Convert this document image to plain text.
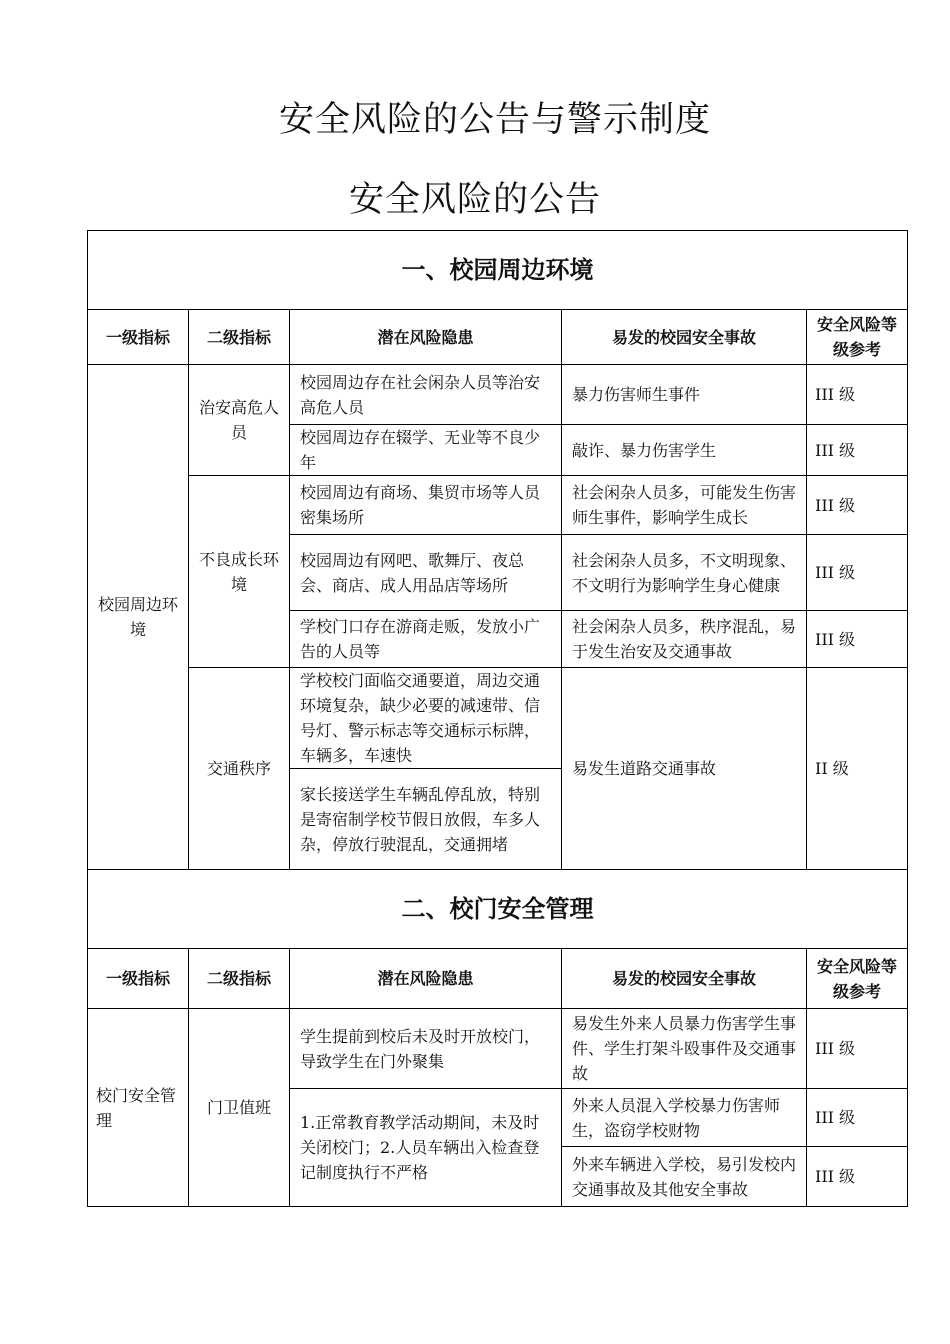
安全风险的公告与警示制度
安全风险的公告
一、校园周边环境				
一级指标	二级指标	潜在风险隐患	易发的校园安全事故	安全风险等级参考
校园周边环境	治安高危人员	校园周边存在社会闲杂人员等治安高危人员	暴力伤害师生事件	III 级
		校园周边存在辍学、无业等不良少年	敲诈、暴力伤害学生	III 级
	不良成长环境	校园周边有商场、集贸市场等人员密集场所	社会闲杂人员多，可能发生伤害师生事件，影响学生成长	III 级
		校园周边有网吧、歌舞厅、夜总会、商店、成人用品店等场所	社会闲杂人员多，不文明现象、不文明行为影响学生身心健康	III 级
		学校门口存在游商走贩，发放小广告的人员等	社会闲杂人员多，秩序混乱，易于发生治安及交通事故	III 级
	交通秩序	学校校门面临交通要道，周边交通环境复杂，缺少必要的减速带、信号灯、警示标志等交通标示标牌，车辆多，车速快	易发生道路交通事故	II 级
		家长接送学生车辆乱停乱放，特别是寄宿制学校节假日放假，车多人杂，停放行驶混乱，交通拥堵		
二、校门安全管理				
一级指标	二级指标	潜在风险隐患	易发的校园安全事故	安全风险等级参考
校门安全管理	门卫值班	学生提前到校后未及时开放校门，导致学生在门外聚集	易发生外来人员暴力伤害学生事件、学生打架斗殴事件及交通事故	III 级
		1.正常教育教学活动期间，未及时关闭校门；2.人员车辆出入检查登记制度执行不严格	外来人员混入学校暴力伤害师生，盗窃学校财物	III 级
			外来车辆进入学校，易引发校内交通事故及其他安全事故	III 级
